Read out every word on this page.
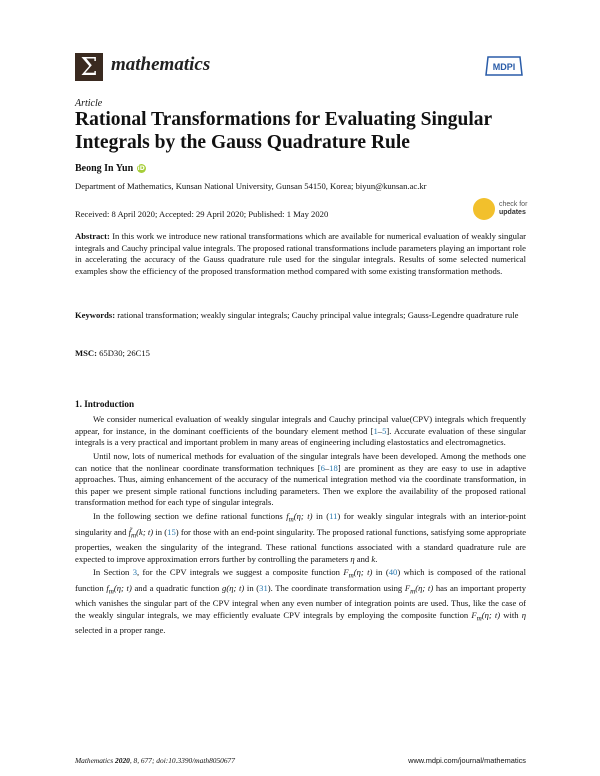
Σ mathematics	MDPI
Article
Rational Transformations for Evaluating Singular Integrals by the Gauss Quadrature Rule
Beong In Yun iD
Department of Mathematics, Kunsan National University, Gunsan 54150, Korea; biyun@kunsan.ac.kr
Received: 8 April 2020; Accepted: 29 April 2020; Published: 1 May 2020
check for
updates
Abstract: In this work we introduce new rational transformations which are available for numerical evaluation of weakly singular integrals and Cauchy principal value integrals. The proposed rational transformations include parameters playing an important role in accelerating the accuracy of the Gauss quadrature rule used for the singular integrals. Results of some selected numerical examples show the efficiency of the proposed transformation method compared with some existing transformation methods.
Keywords: rational transformation; weakly singular integrals; Cauchy principal value integrals; Gauss-Legendre quadrature rule
MSC: 65D30; 26C15
1. Introduction

We consider numerical evaluation of weakly singular integrals and Cauchy principal value(CPV) integrals which frequently appear, for instance, in the dominant coefficients of the boundary element method [1–5]. Accurate evaluation of these singular integrals is a very practical and important problem in many areas of engineering including elastostatics and electromagnetics.

Until now, lots of numerical methods for evaluation of the singular integrals have been developed. Among the methods one can notice that the nonlinear coordinate transformation techniques [6–18] are prominent as they are easy to use in adaptive approaches. Thus, aiming enhancement of the accuracy of the numerical integration method via the coordinate transformation, in this paper we present simple rational functions including parameters. Then we explore the availability of the proposed rational transformation method for each type of singular integrals.

In the following section we define rational functions $f_m(\eta$; t) in (11) for weakly singular integrals with an interior-point singularity and $f̃_m(k$; t) in (15) for those with an end-point singularity. The proposed rational functions, satisfying some appropriate properties, weaken the singularity of the integrand. These rational functions associated with a standard quadrature rule are expected to improve approximation errors further by controlling the parameters η and k.

In Section 3, for the CPV integrals we suggest a composite function $F_m(\eta$; t) in (40) which is composed of the rational function $f_m(\eta$; t) and a quadratic function g(η; t) in (31). The coordinate transformation using $F_m(\eta$; t) has an important property which vanishes the singular part of the CPV integral when any even number of integration points are used. Thus, like the case of the weakly singular integrals, we may efficiently evaluate CPV integrals by employing the composite function $F_m(\eta$; t) with η selected in a proper range.

Mathematics 2020, 8, 677; doi:10.3390/math8050677	www.mdpi.com/journal/mathematics
